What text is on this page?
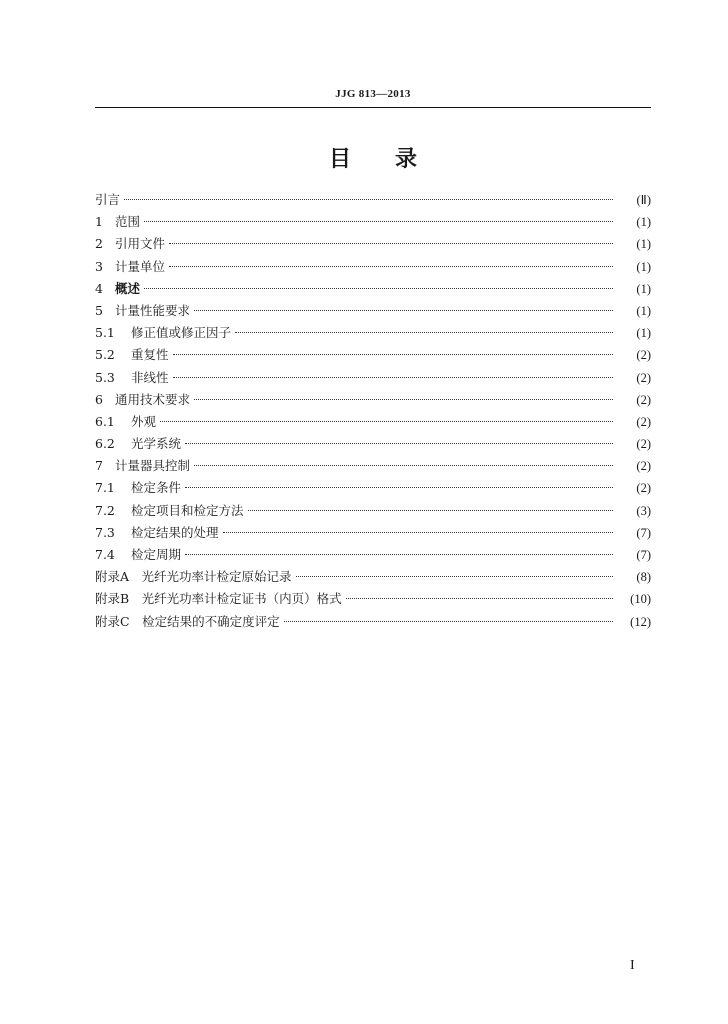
JJG 813—2013
目录
引言	(Ⅱ)
1 范围	(1)
2 引用文件	(1)
3 计量单位	(1)
4 概述	(1)
5 计量性能要求	(1)
5.1	修正值或修正因子	(1)
5.2	重复性	(2)
5.3	非线性	(2)
6 通用技术要求	(2)
6.1	外观	(2)
6.2	光学系统	(2)
7 计量器具控制	(2)
7.1	检定条件	(2)
7.2	检定项目和检定方法	(3)
7.3	检定结果的处理	(7)
7.4	检定周期	(7)
附录A　光纤光功率计检定原始记录	(8)
附录B　光纤光功率计检定证书（内页）格式	(10)
附录C　检定结果的不确定度评定	(12)
I
